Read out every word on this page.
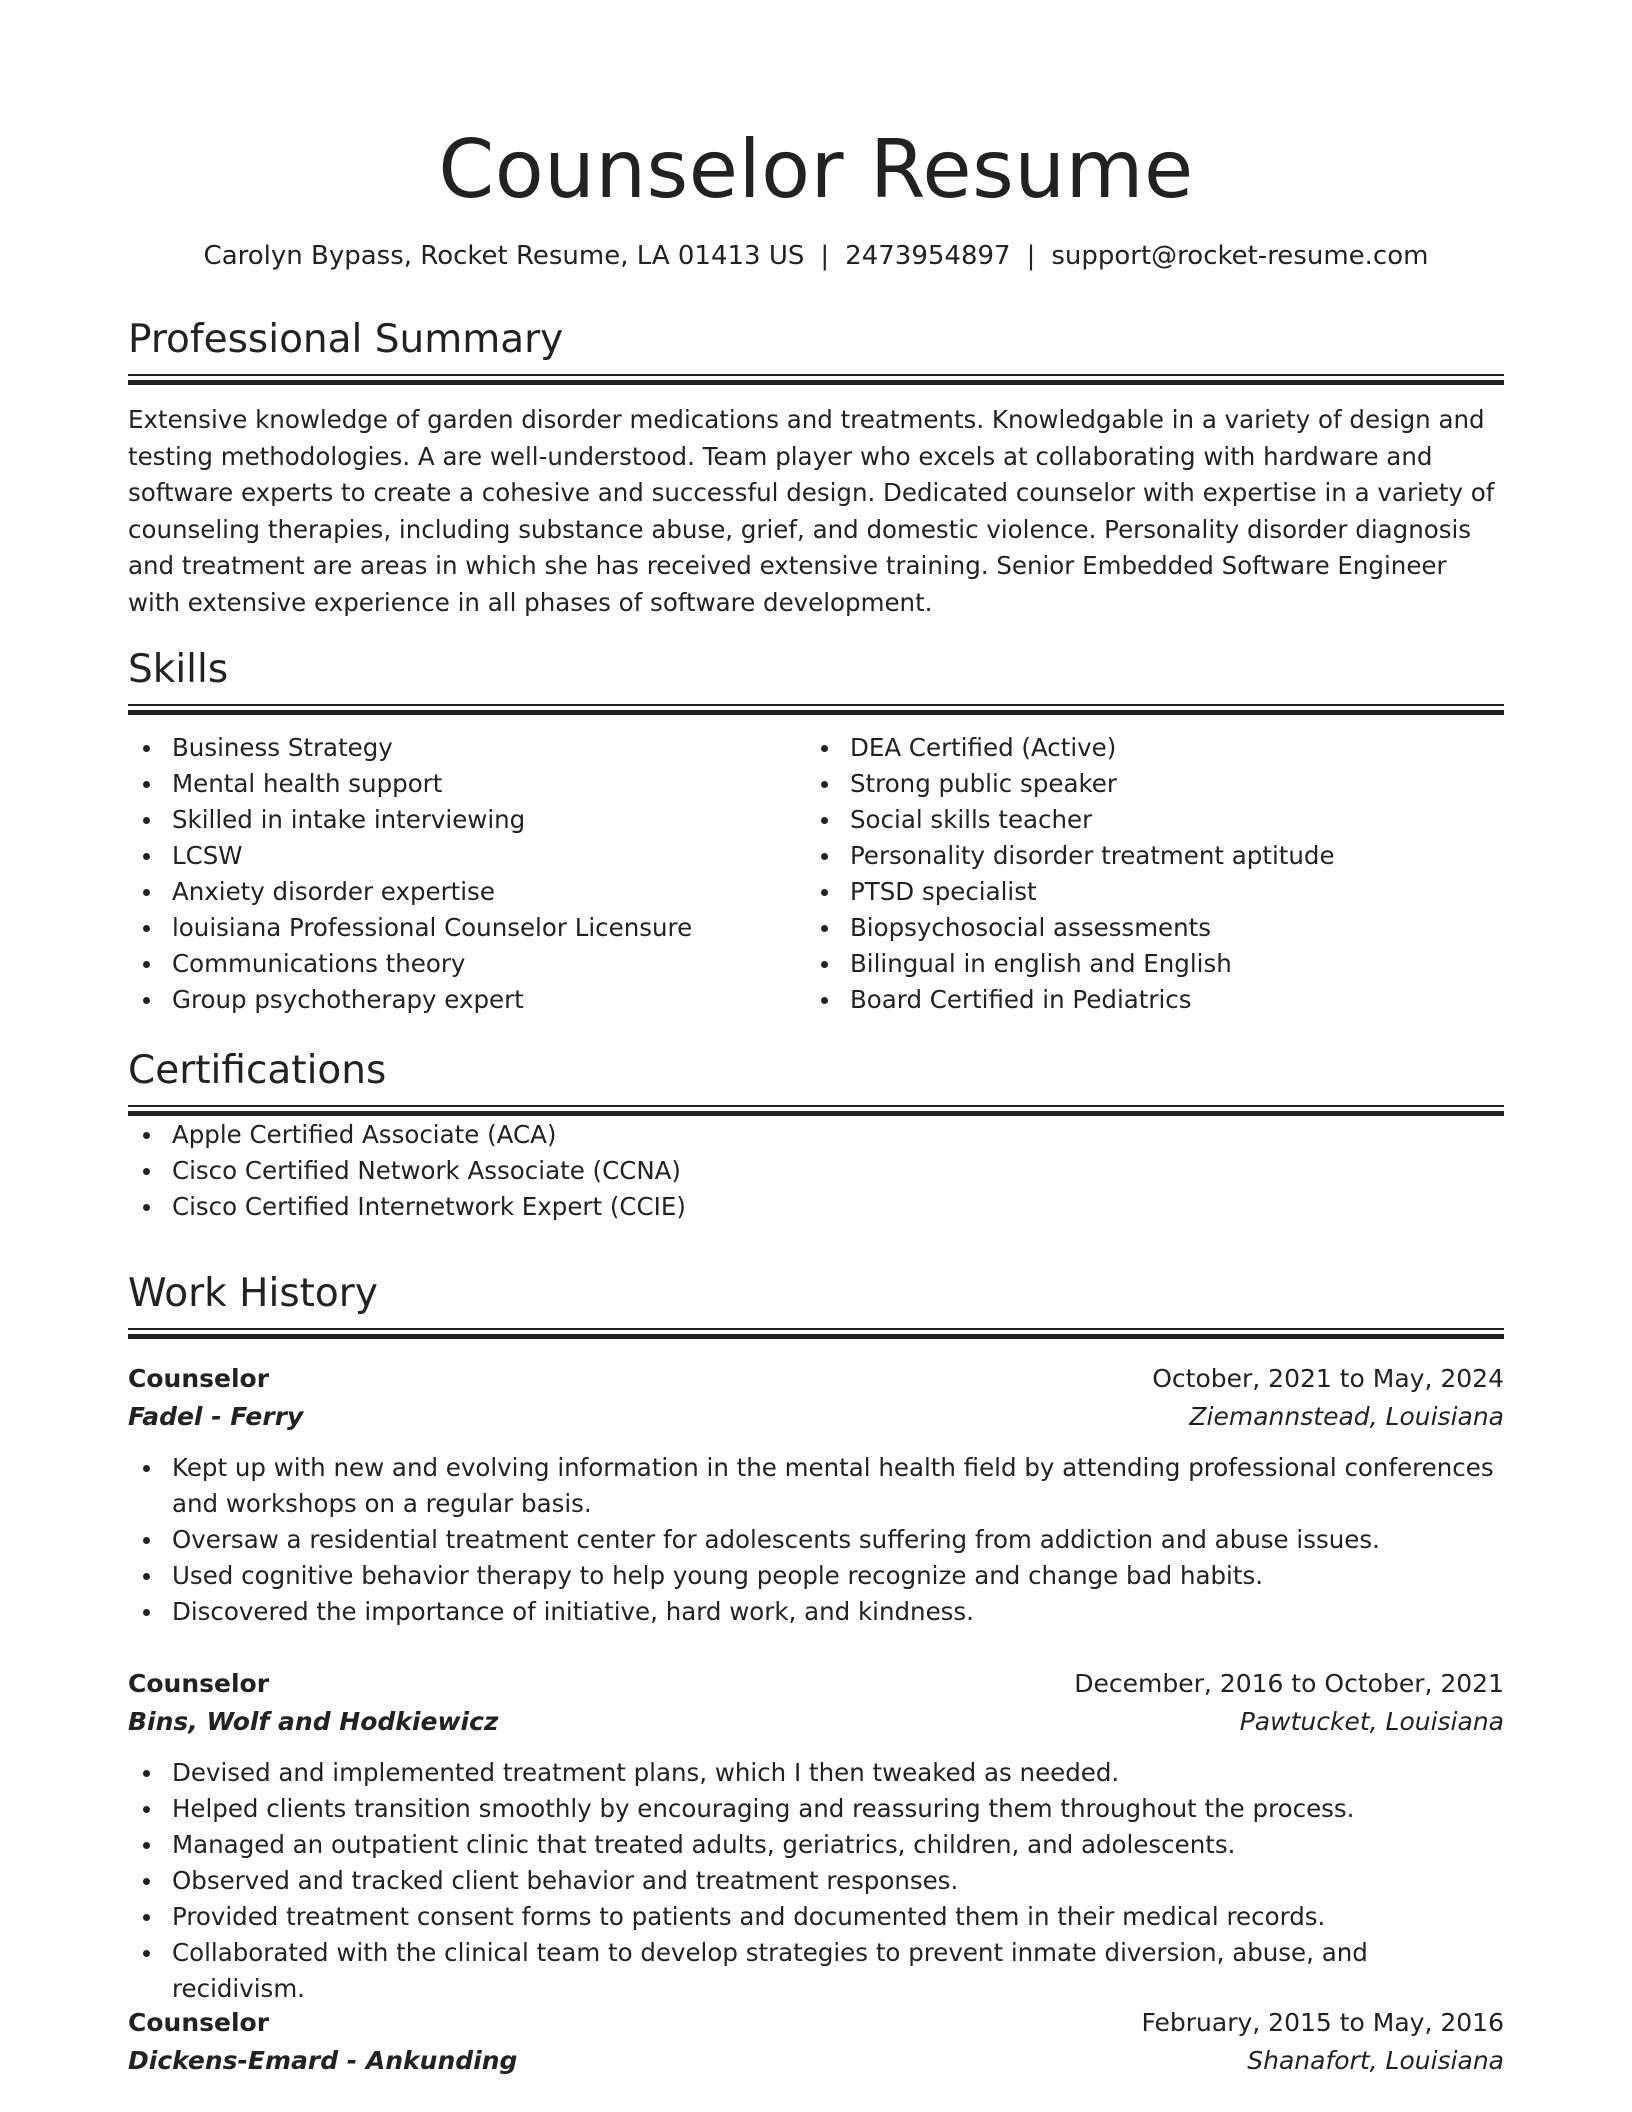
Counselor Resume
Carolyn Bypass, Rocket Resume, LA 01413 US | 2473954897 | support@rocket-resume.com
Professional Summary
Extensive knowledge of garden disorder medications and treatments. Knowledgable in a variety of design and testing methodologies. A are well-understood. Team player who excels at collaborating with hardware and software experts to create a cohesive and successful design. Dedicated counselor with expertise in a variety of counseling therapies, including substance abuse, grief, and domestic violence. Personality disorder diagnosis and treatment are areas in which she has received extensive training. Senior Embedded Software Engineer with extensive experience in all phases of software development.
Skills
Business Strategy
Mental health support
Skilled in intake interviewing
LCSW
Anxiety disorder expertise
louisiana Professional Counselor Licensure
Communications theory
Group psychotherapy expert
DEA Certified (Active)
Strong public speaker
Social skills teacher
Personality disorder treatment aptitude
PTSD specialist
Biopsychosocial assessments
Bilingual in english and English
Board Certified in Pediatrics
Certifications
Apple Certified Associate (ACA)
Cisco Certified Network Associate (CCNA)
Cisco Certified Internetwork Expert (CCIE)
Work History
Counselor	October, 2021 to May, 2024
Fadel - Ferry	Ziemannstead, Louisiana
Kept up with new and evolving information in the mental health field by attending professional conferences and workshops on a regular basis.
Oversaw a residential treatment center for adolescents suffering from addiction and abuse issues.
Used cognitive behavior therapy to help young people recognize and change bad habits.
Discovered the importance of initiative, hard work, and kindness.
Counselor	December, 2016 to October, 2021
Bins, Wolf and Hodkiewicz	Pawtucket, Louisiana
Devised and implemented treatment plans, which I then tweaked as needed.
Helped clients transition smoothly by encouraging and reassuring them throughout the process.
Managed an outpatient clinic that treated adults, geriatrics, children, and adolescents.
Observed and tracked client behavior and treatment responses.
Provided treatment consent forms to patients and documented them in their medical records.
Collaborated with the clinical team to develop strategies to prevent inmate diversion, abuse, and recidivism.
Counselor	February, 2015 to May, 2016
Dickens-Emard - Ankunding	Shanafort, Louisiana
